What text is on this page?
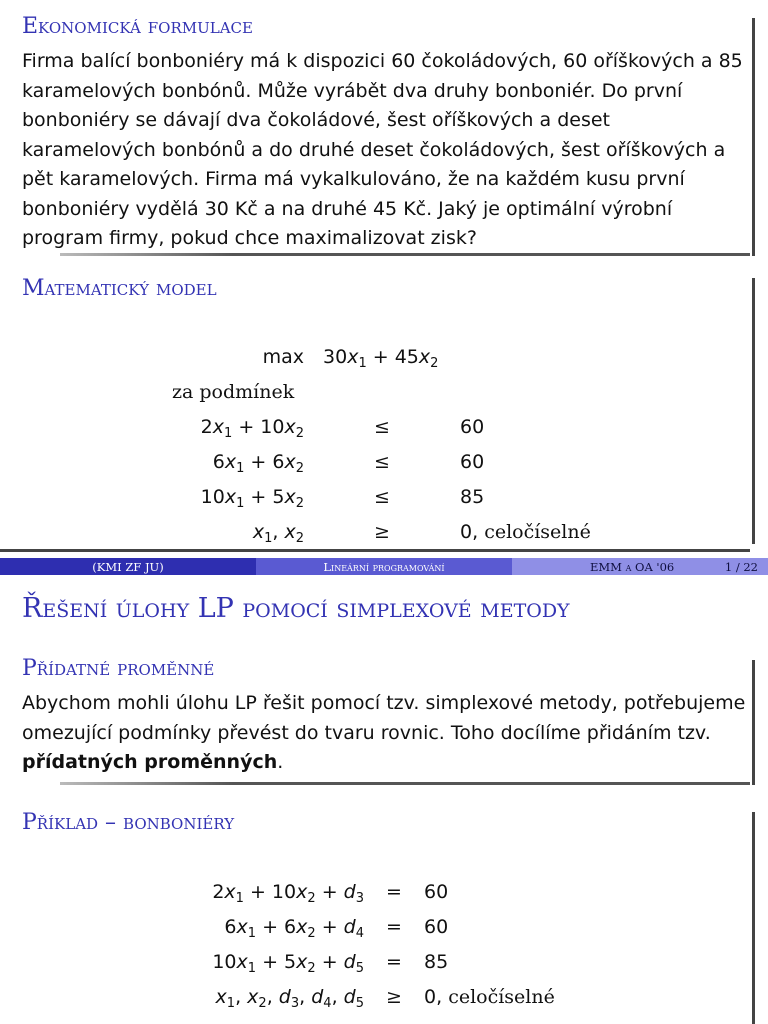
Ekonomická formulace
Firma balící bonboniéry má k dispozici 60 čokoládových, 60 oříškových a 85 karamelových bonbónů. Může vyrábět dva druhy bonboniér. Do první bonboniéry se dávají dva čokoládové, šest oříškových a deset karamelových bonbónů a do druhé deset čokoládových, šest oříškových a pět karamelových. Firma má vykalkulováno, že na každém kusu první bonboniéry vydělá 30 Kč a na druhé 45 Kč. Jaký je optimální výrobní program firmy, pokud chce maximalizovat zisk?
Matematický model
$\max 30x_1 + 45x_2$
za podmínek
$2x_1 + 10x_2$	≤	60
$6x_1 + 6x_2$	≤	60
$10x_1 + 5x_2$	≤	85
$x_1$, $x_2$	≥	0, celočíselné
(KMI ZF JU)	Lineární programování	EMM a OA '06	1 / 22
Řešení úlohy LP pomocí simplexové metody
Přídatné proměnné
Abychom mohli úlohu LP řešit pomocí tzv. simplexové metody, potřebujeme omezující podmínky převést do tvaru rovnic. Toho docílíme přidáním tzv. přídatných proměnných.
Příklad – bonboniéry
$2x_1 + 10x_2 + d_3 = 60$
$6x_1 + 6x_2 + d_4 = 60$
$10x_1 + 5x_2 + d_5 = 85$
$x_1$, $x_2$, $d_3$, $d_4$, $d_5 \ge 0$, celočíselné
